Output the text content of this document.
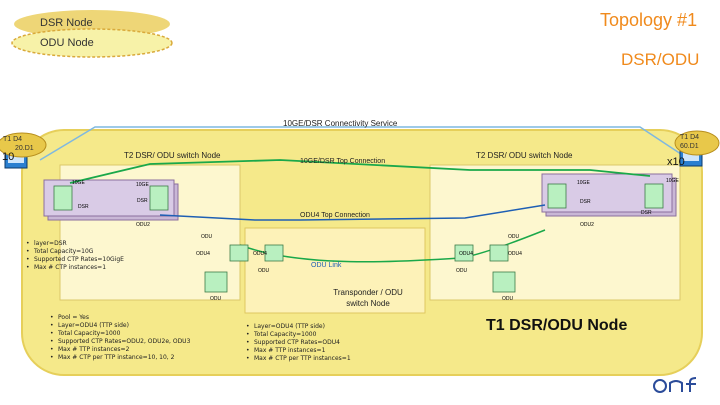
DSR Node
ODU Node
Topology #1
DSR/ODU
10GE/DSR Connectivity Service
T1 D4
20.D1
T1 D4
60.D1
10	x10
T2 DSR/ ODU switch Node	T2 DSR/ ODU switch Node
Transponder / ODU switch Node
T1 DSR/ODU Node
10GE/DSR Top Connection
ODU4 Top Connection
ODU Link
10GE	10GE
DSR
DSR
ODU2
10GE	10GE
DSR
DSR
ODU2
ODU
ODU4	ODU4
ODU
ODU
ODU
ODU4	ODU4
ODU
ODU
• layer=DSR
• Total Capacity=10G
• Supported CTP Rates=10GigE
• Max # CTP instances=1
• Pool = Yes
• Layer=ODU4 (TTP side)
• Total Capacity=1000
• Supported CTP Rates=ODU2, ODU2e, ODU3
• Max # TTP instances=2
• Max # CTP per TTP instance=10, 10, 2
• Layer=ODU4 (TTP side)
• Total Capacity=1000
• Supported CTP Rates=ODU4
• Max # TTP instances=1
• Max # CTP per TTP instances=1
